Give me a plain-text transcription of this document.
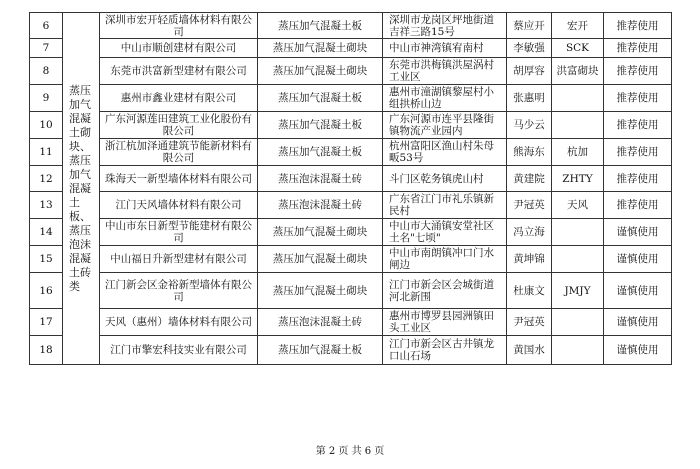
6	蒸压加气混凝土砌块、蒸压加气混凝土板、蒸压泡沫混凝土砖类	深圳市宏开轻质墙体材料有限公司	蒸压加气混凝土板	深圳市龙岗区坪地街道吉祥三路15号	蔡应开	宏开	推荐使用
7		中山市顺创建材有限公司	蒸压加气混凝土砌块	中山市神湾镇宥南村	李敏强	SCK	推荐使用
8		东莞市洪富新型建材有限公司	蒸压加气混凝土砌块	东莞市洪梅镇洪屋涡村工业区	胡厚容	洪富砌块	推荐使用
9		惠州市鑫业建材有限公司	蒸压加气混凝土板	惠州市潼湖镇黎屋村小组拱桥山边	张惠明		推荐使用
10		广东河源莲田建筑工业化股份有限公司	蒸压加气混凝土板	广东河源市连平县隆街镇物流产业园内	马少云		推荐使用
11		浙江杭加泽通建筑节能新材料有限公司	蒸压加气混凝土板	杭州富阳区渔山村朱母畈53号	熊海东	杭加	推荐使用
12		珠海天一新型墙体材料有限公司	蒸压泡沫混凝土砖	斗门区乾务镇虎山村	黄建院	ZHTY	推荐使用
13		江门天风墙体材料有限公司	蒸压泡沫混凝土砖	广东省江门市礼乐镇新民村	尹冠英	天风	推荐使用
14		中山市东日新型节能建材有限公司	蒸压加气混凝土砌块	中山市大涌镇安堂社区土名"七顷"	冯立海		谨慎使用
15		中山福日升新型建材有限公司	蒸压加气混凝土砌块	中山市南朗镇冲口门水闸边	黄坤锦		谨慎使用
16		江门新会区金裕新型墙体有限公司	蒸压加气混凝土砌块	江门市新会区会城街道河北新围	杜康文	JMJY	谨慎使用
17		天风（惠州）墙体材料有限公司	蒸压泡沫混凝土砖	惠州市博罗县园洲镇田头工业区	尹冠英		谨慎使用
18		江门市擎宏科技实业有限公司	蒸压加气混凝土板	江门市新会区古井镇龙口山石场	黄国水		谨慎使用
第 2 页 共 6 页
